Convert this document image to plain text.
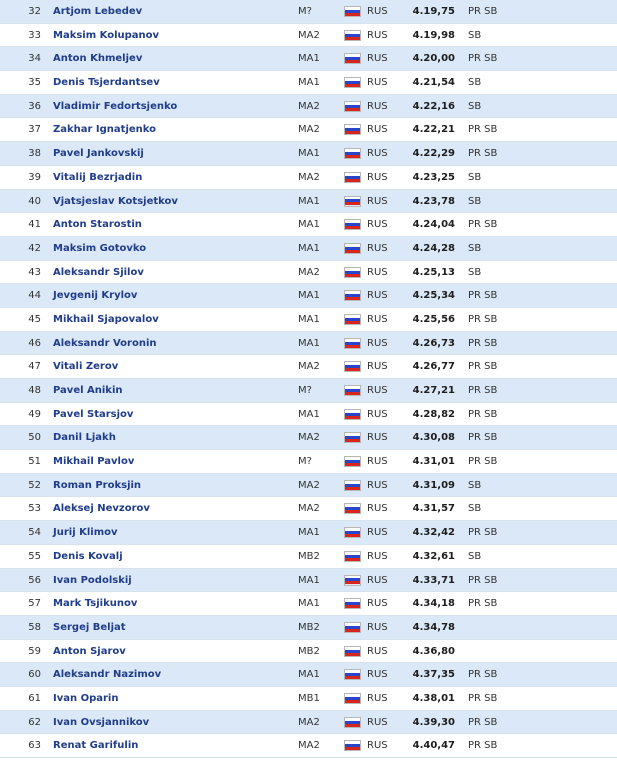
32 Artjom Lebedev	M?	RUS	4.19,75 PR SB
33 Maksim Kolupanov	MA2	RUS	4.19,98 SB
34 Anton Khmeljev	MA1	RUS	4.20,00 PR SB
35 Denis Tsjerdantsev	MA1	RUS	4.21,54 SB
36 Vladimir Fedortsjenko	MA2	RUS	4.22,16 SB
37 Zakhar Ignatjenko	MA2	RUS	4.22,21 PR SB
38 Pavel Jankovskij	MA1	RUS	4.22,29 PR SB
39 Vitalij Bezrjadin	MA2	RUS	4.23,25 SB
40 Vjatsjeslav Kotsjetkov	MA1	RUS	4.23,78 SB
41 Anton Starostin	MA1	RUS	4.24,04 PR SB
42 Maksim Gotovko	MA1	RUS	4.24,28 SB
43 Aleksandr Sjilov	MA2	RUS	4.25,13 SB
44 Jevgenij Krylov	MA1	RUS	4.25,34 PR SB
45 Mikhail Sjapovalov	MA1	RUS	4.25,56 PR SB
46 Aleksandr Voronin	MA1	RUS	4.26,73 PR SB
47 Vitali Zerov	MA2	RUS	4.26,77 PR SB
48 Pavel Anikin	M?	RUS	4.27,21 PR SB
49 Pavel Starsjov	MA1	RUS	4.28,82 PR SB
50 Danil Ljakh	MA2	RUS	4.30,08 PR SB
51 Mikhail Pavlov	M?	RUS	4.31,01 PR SB
52 Roman Proksjin	MA2	RUS	4.31,09 SB
53 Aleksej Nevzorov	MA2	RUS	4.31,57 SB
54 Jurij Klimov	MA1	RUS	4.32,42 PR SB
55 Denis Kovalj	MB2	RUS	4.32,61 SB
56 Ivan Podolskij	MA1	RUS	4.33,71 PR SB
57 Mark Tsjikunov	MA1	RUS	4.34,18 PR SB
58 Sergej Beljat	MB2	RUS	4.34,78
59 Anton Sjarov	MB2	RUS	4.36,80
60 Aleksandr Nazimov	MA1	RUS	4.37,35 PR SB
61 Ivan Oparin	MB1	RUS	4.38,01 PR SB
62 Ivan Ovsjannikov	MA2	RUS	4.39,30 PR SB
63 Renat Garifulin	MA2	RUS	4.40,47 PR SB
